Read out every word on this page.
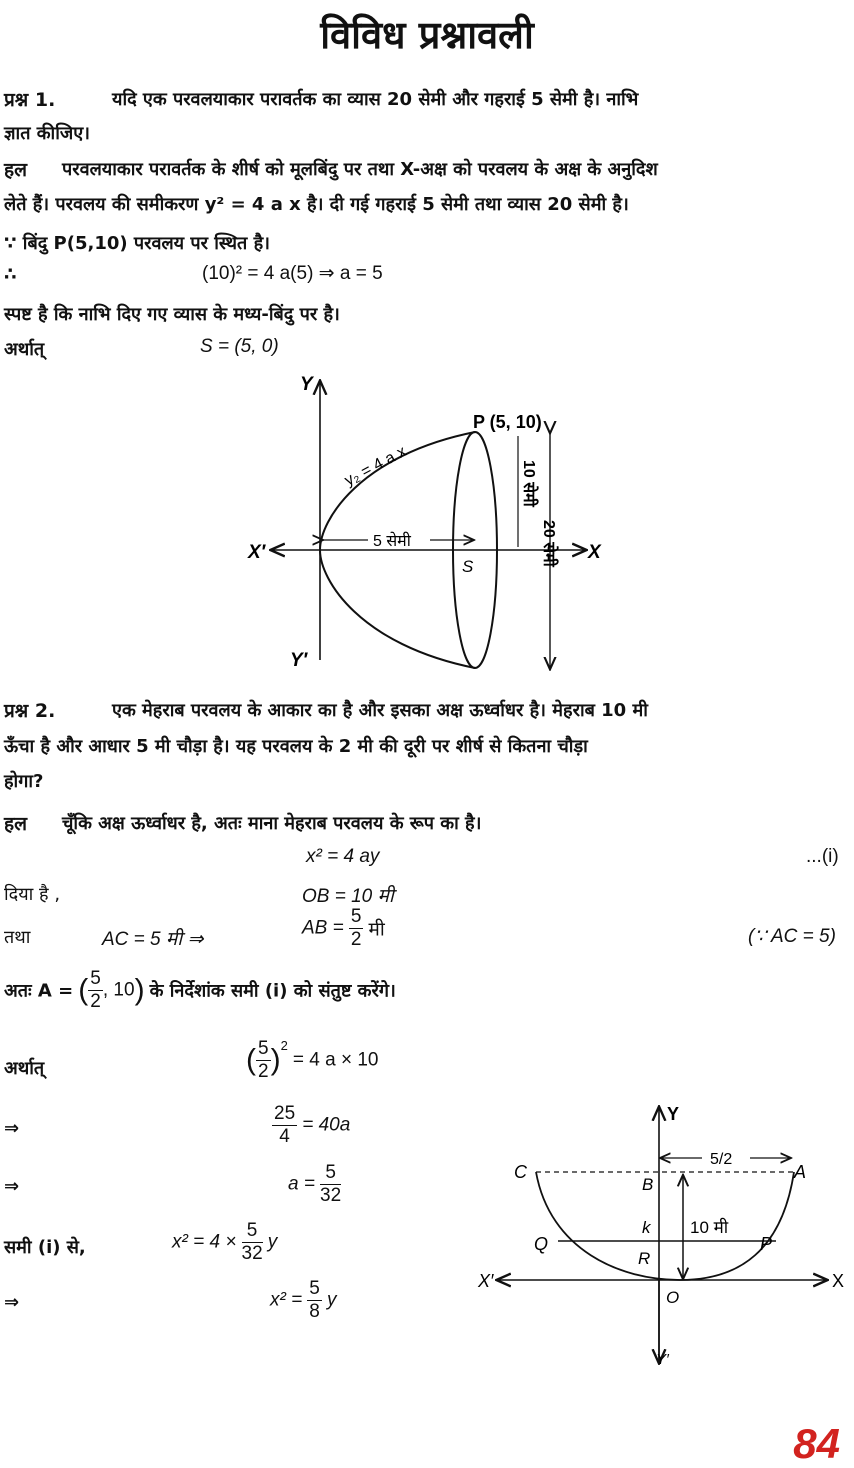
विविध प्रश्नावली
प्रश्न 1.	यदि एक परवलयाकार परावर्तक का व्यास 20 सेमी और गहराई 5 सेमी है। नाभि
ज्ञात कीजिए।
हल परवलयाकार परावर्तक के शीर्ष को मूलबिंदु पर तथा X-अक्ष को परवलय के अक्ष के अनुदिश
लेते हैं। परवलय की समीकरण y² = 4 a x है। दी गई गहराई 5 सेमी तथा व्यास 20 सेमी है।
∵ बिंदु P(5,10) परवलय पर स्थित है।
∴	(10)² = 4 a(5) ⇒ a = 5
स्पष्ट है कि नाभि दिए गए व्यास के मध्य-बिंदु पर है।
अर्थात्	S = (5, 0)
Y
Y′
X
X′
y₂ = 4 a x
P (5, 10)
5 सेमी
S
10 सेमी
20 सेमी
प्रश्न 2.	एक मेहराब परवलय के आकार का है और इसका अक्ष ऊर्ध्वाधर है। मेहराब 10 मी
ऊँचा है और आधार 5 मी चौड़ा है। यह परवलय के 2 मी की दूरी पर शीर्ष से कितना चौड़ा
होगा?
हल चूँकि अक्ष ऊर्ध्वाधर है, अतः माना मेहराब परवलय के रूप का है।
x² = 4 ay	...(i)
दिया है ,	OB = 10 मी
तथा	AC = 5 मी ⇒
AB = $\frac{5}{2}$ मी	(∵ AC = 5)
अतः A = ( $\frac{5}{2}$ , 10) के निर्देशांक समी (i) को संतुष्ट करेंगे।
अर्थात्	( $\frac{5}{2} )^2 = 4$ a × 10
⇒	$\frac{25}{4} = 40a$
⇒	$a = \frac{5}{32}$
समी (i) से,	$x^2 = 4 \times \frac{5}{32}$ y
⇒	$x^2 = \frac{5}{8}$ y
Y
Y′
X
X′
C	A
B
k 10 मी
Q
R
P
O
5/2
84
